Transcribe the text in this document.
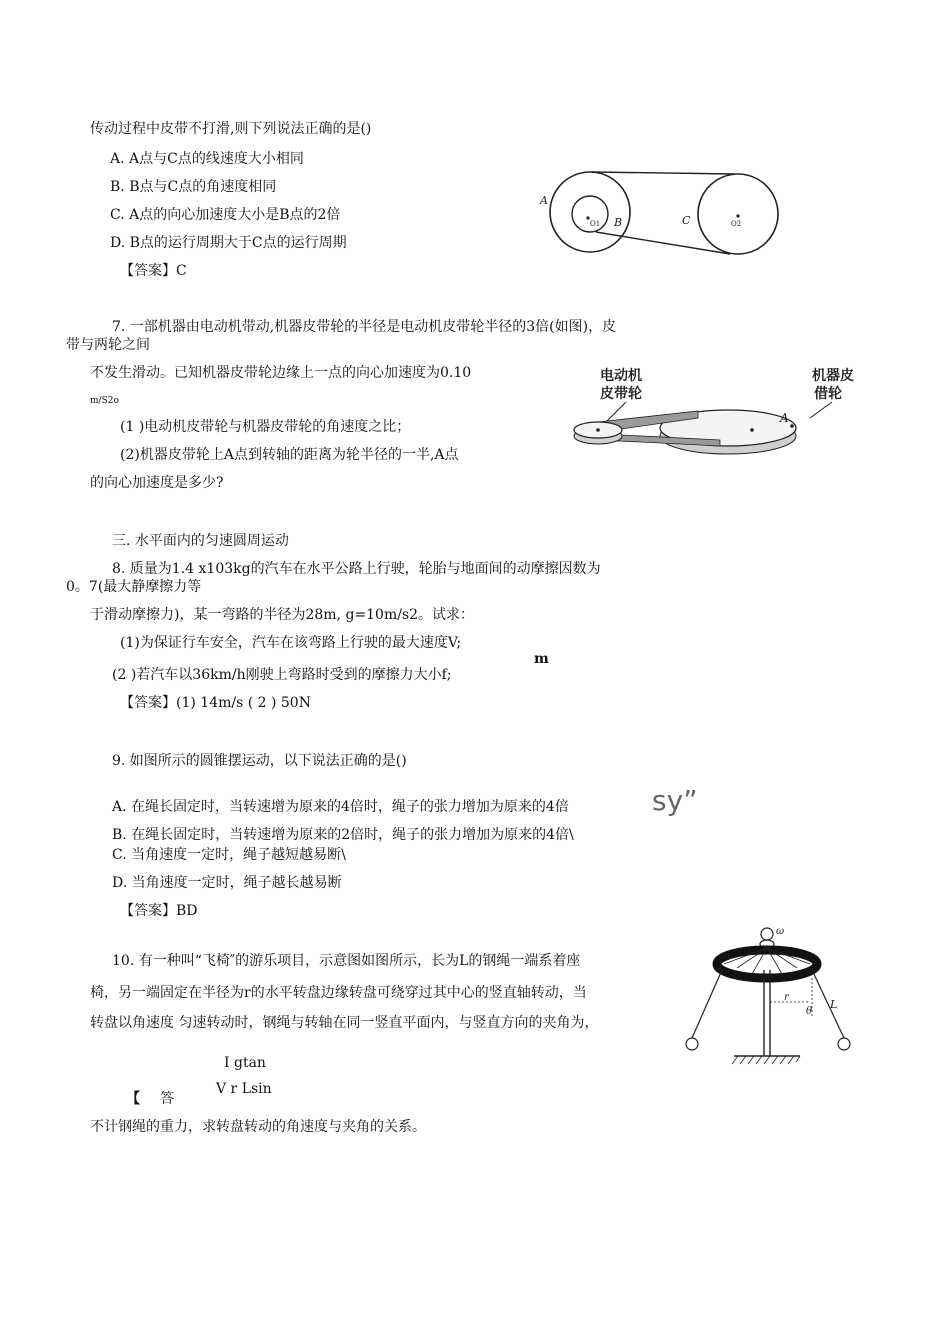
传动过程中皮带不打滑,则下列说法正确的是()
A. A点与C点的线速度大小相同
B. B点与C点的角速度相同
C. A点的向心加速度大小是B点的2倍
D. B点的运行周期大于C点的运行周期
【答案】C
A
B	C
O1	O2
7. 一部机器由电动机带动,机器皮带轮的半径是电动机皮带轮半径的3倍(如图)，皮
带与两轮之间
不发生滑动。已知机器皮带轮边缘上一点的向心加速度为0.10
m/S2o
(1 )电动机皮带轮与机器皮带轮的角速度之比；
(2)机器皮带轮上A点到转轴的距离为轮半径的一半,A点
的向心加速度是多少?
电动机
皮带轮
机器皮
借轮
A
三. 水平面内的匀速圆周运动
8. 质量为1.4 x103kg的汽车在水平公路上行驶，轮胎与地面间的动摩擦因数为
0。7(最大静摩擦力等
于滑动摩擦力)，某一弯路的半径为28m, g=10m/s2。试求：
(1)为保证行车安全，汽车在该弯路上行驶的最大速度V;
m
(2 )若汽车以36km/h刚驶上弯路时受到的摩擦力大小f;
【答案】(1) 14m/s ( 2 ) 50N
9. 如图所示的圆锥摆运动，以下说法正确的是()
A. 在绳长固定时，当转速增为原来的4倍时，绳子的张力增加为原来的4倍	sy”
B. 在绳长固定时，当转速增为原来的2倍时，绳子的张力增加为原来的4倍\
C. 当角速度一定时，绳子越短越易断\
D. 当角速度一定时，绳子越长越易断
【答案】BD
10. 有一种叫“飞椅″的游乐项目，示意图如图所示，长为L的钢绳一端系着座
椅，另一端固定在半径为r的水平转盘边缘转盘可绕穿过其中心的竖直轴转动，当
转盘以角速度 匀速转动时，钢绳与转轴在同一竖直平面内，与竖直方向的夹角为，
I gtan
V r Lsin
【 答
不计钢绳的重力，求转盘转动的角速度与夹角的关系。
ω
r
θ
L
